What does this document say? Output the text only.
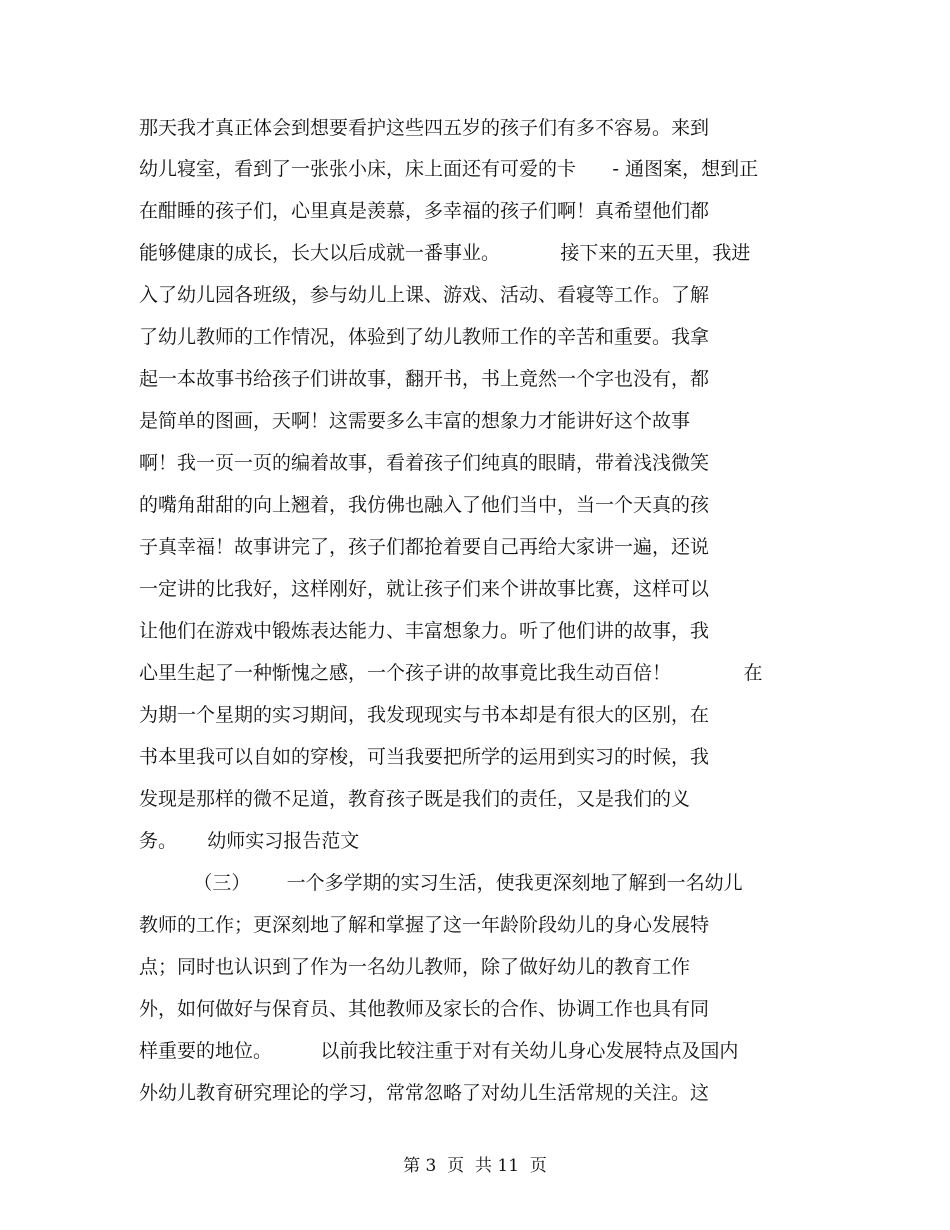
那天我才真正体会到想要看护这些四五岁的孩子们有多不容易。来到
幼儿寝室，看到了一张张小床，床上面还有可爱的卡      - 通图案，想到正
在酣睡的孩子们，心里真是羡慕，多幸福的孩子们啊！真希望他们都
能够健康的成长，长大以后成就一番事业。          接下来的五天里，我进
入了幼儿园各班级，参与幼儿上课、游戏、活动、看寝等工作。了解
了幼儿教师的工作情况，体验到了幼儿教师工作的辛苦和重要。我拿
起一本故事书给孩子们讲故事，翻开书，书上竟然一个字也没有，都
是简单的图画，天啊！这需要多么丰富的想象力才能讲好这个故事
啊！我一页一页的编着故事，看着孩子们纯真的眼睛，带着浅浅微笑
的嘴角甜甜的向上翘着，我仿佛也融入了他们当中，当一个天真的孩
子真幸福！故事讲完了，孩子们都抢着要自己再给大家讲一遍，还说
一定讲的比我好，这样刚好，就让孩子们来个讲故事比赛，这样可以
让他们在游戏中锻炼表达能力、丰富想象力。听了他们讲的故事，我
心里生起了一种惭愧之感，一个孩子讲的故事竟比我生动百倍！            在
为期一个星期的实习期间，我发现现实与书本却是有很大的区别，在
书本里我可以自如的穿梭，可当我要把所学的运用到实习的时候，我
发现是那样的微不足道，教育孩子既是我们的责任，又是我们的义
务。     幼师实习报告范文
（三）      一个多学期的实习生活，使我更深刻地了解到一名幼儿
教师的工作；更深刻地了解和掌握了这一年龄阶段幼儿的身心发展特
点；同时也认识到了作为一名幼儿教师，除了做好幼儿的教育工作
外，如何做好与保育员、其他教师及家长的合作、协调工作也具有同
样重要的地位。        以前我比较注重于对有关幼儿身心发展特点及国内
外幼儿教育研究理论的学习，常常忽略了对幼儿生活常规的关注。这
第 3  页  共 11  页
